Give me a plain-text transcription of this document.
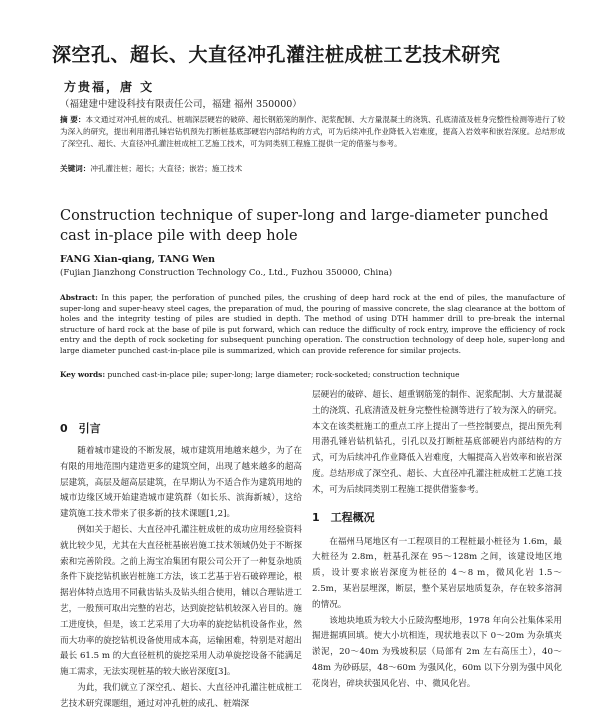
深空孔、超长、大直径冲孔灌注桩成桩工艺技术研究
方贵福，唐 文
（福建建中建设科技有限责任公司，福建 福州 350000）
摘 要：本文通过对冲孔桩的成孔、桩端深层硬岩的破碎、超长钢筋笼的制作、泥浆配制、大方量混凝土的浇筑、孔底清渣及桩身完整性检测等进行了较为深入的研究，提出利用潜孔锤岩钻机预先打断桩基底部硬岩内部结构的方式，可为后续冲孔作业降低入岩难度，提高入岩效率和嵌岩深度。总结形成了深空孔、超长、大直径冲孔灌注桩成桩工艺施工技术，可为同类别工程施工提供一定的借鉴与参考。
关键词：冲孔灌注桩；超长；大直径；嵌岩；施工技术
Construction technique of super-long and large-diameter punched cast in-place pile with deep hole
FANG Xian-qiang, TANG Wen
(Fujian Jianzhong Construction Technology Co., Ltd., Fuzhou 350000, China)
Abstract: In this paper, the perforation of punched piles, the crushing of deep hard rock at the end of piles, the manufacture of super-long and super-heavy steel cages, the preparation of mud, the pouring of massive concrete, the slag clearance at the bottom of holes and the integrity testing of piles are studied in depth. The method of using DTH hammer drill to pre-break the internal structure of hard rock at the base of pile is put forward, which can reduce the difficulty of rock entry, improve the efficiency of rock entry and the depth of rock socketing for subsequent punching operation. The construction technology of deep hole, super-long and large diameter punched cast-in-place pile is summarized, which can provide reference for similar projects.
Key words: punched cast-in-place pile; super-long; large diameter; rock-socketed; construction technique
0　引言

随着城市建设的不断发展，城市建筑用地越来越少，为了在有限的用地范围内建造更多的建筑空间，出现了越来越多的超高层建筑，高层及超高层建筑，在早期认为不适合作为建筑用地的城市边缘区域开始建造城市建筑群（如长乐、滨海新城），这给建筑施工技术带来了很多新的技术课题[1,2]。

例如关于超长、大直径冲孔灌注桩成桩的成功应用经验资料就比较少见，尤其在大直径桩基嵌岩施工技术领域仍处于不断探索和完善阶段。之前上海宝冶集团有限公司公开了一种复杂地质条件下旋挖钻机嵌岩桩施工方法，该工艺基于岩石破碎理论，根据岩体特点选用不同截齿钻头及钻头组合使用，辅以合理钻进工艺，一般预可取出完整的岩芯，达到旋挖钻机较深入岩目的。施工进度快，但是，该工艺采用了大功率的旋挖钻机设备作业，然而大功率的旋挖钻机设备使用成本高，运输困难，特别是对超出最长 61.5 m 的大直径桩机的旋挖采用人动单旋挖设备不能满足施工需求，无法实现桩基的较大嵌岩深度[3]。

为此，我们就立了深空孔、超长、大直径冲孔灌注桩成桩工艺技术研究课题组，通过对冲孔桩的成孔、桩端深

层硬岩的破碎、超长、超重钢筋笼的制作、泥浆配制、大方量混凝土的浇筑、孔底清渣及桩身完整性检测等进行了较为深入的研究。本文在该类桩施工的重点工序上提出了一些控制要点，提出预先利用潜孔锤岩钻机钻孔，引孔以及打断桩基底部硬岩内部结构的方式，可为后续冲孔作业降低入岩难度，大幅提高入岩效率和嵌岩深度。总结形成了深空孔、超长、大直径冲孔灌注桩成桩工艺施工技术，可为后续同类别工程施工提供借鉴参考。

1　工程概况

在福州马尾地区有一工程项目的工程桩最小桩径为 1.6m，最大桩径为 2.8m，桩基孔深在 95～128m 之间，该建设地区地质，设计要求嵌岩深度为桩径的 4～8 m，微风化岩 1.5～2.5m，某岩层埋深，断层，整个某岩层地质复杂，存在较多溶洞的情况。

该地块地质为较大小丘陵沟壑地形，1978 年向公社集体采用掘进掘填回填。使大小坑相连，现状地表以下 0～20m 为杂填夹淤泥，20～40m 为残坡积层（局部有 2m 左右高压土），40～48m 为砂砾层，48～60m 为强风化，60m 以下分别为强中风化花岗岩，碎块状强风化岩、中、微风化岩。
